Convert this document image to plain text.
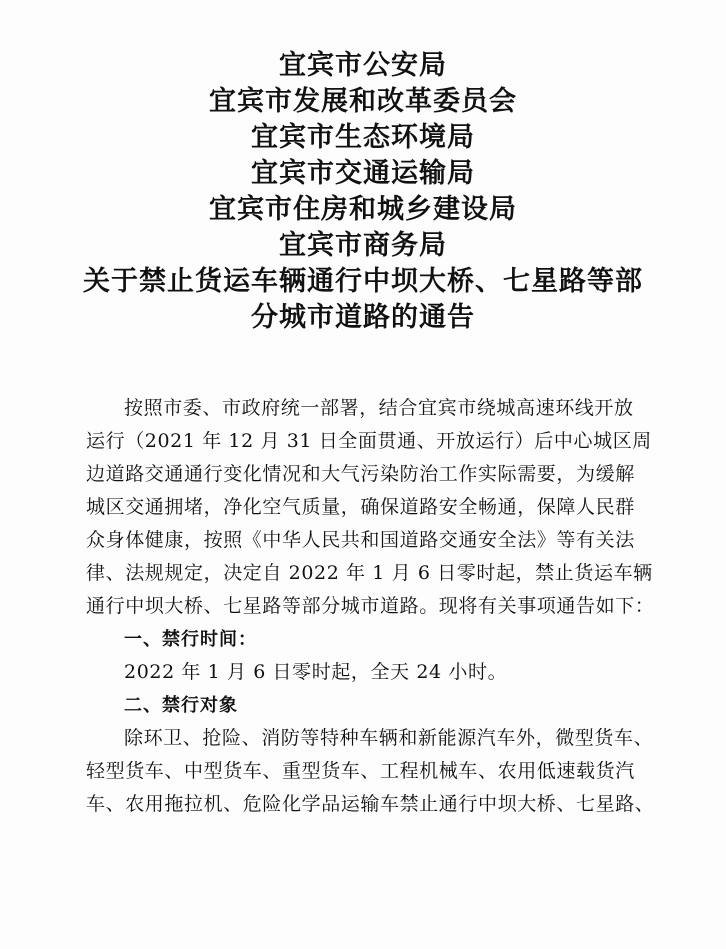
宜宾市公安局
宜宾市发展和改革委员会
宜宾市生态环境局
宜宾市交通运输局
宜宾市住房和城乡建设局
宜宾市商务局
关于禁止货运车辆通行中坝大桥、七星路等部
分城市道路的通告
按照市委、市政府统一部署，结合宜宾市绕城高速环线开放
运行（2021 年 12 月 31 日全面贯通、开放运行）后中心城区周
边道路交通通行变化情况和大气污染防治工作实际需要，为缓解
城区交通拥堵，净化空气质量，确保道路安全畅通，保障人民群
众身体健康，按照《中华人民共和国道路交通安全法》等有关法
律、法规规定，决定自 2022 年 1 月 6 日零时起，禁止货运车辆
通行中坝大桥、七星路等部分城市道路。现将有关事项通告如下：
一、禁行时间：
2022 年 1 月 6 日零时起，全天 24 小时。
二、禁行对象
除环卫、抢险、消防等特种车辆和新能源汽车外，微型货车、
轻型货车、中型货车、重型货车、工程机械车、农用低速载货汽
车、农用拖拉机、危险化学品运输车禁止通行中坝大桥、七星路、
